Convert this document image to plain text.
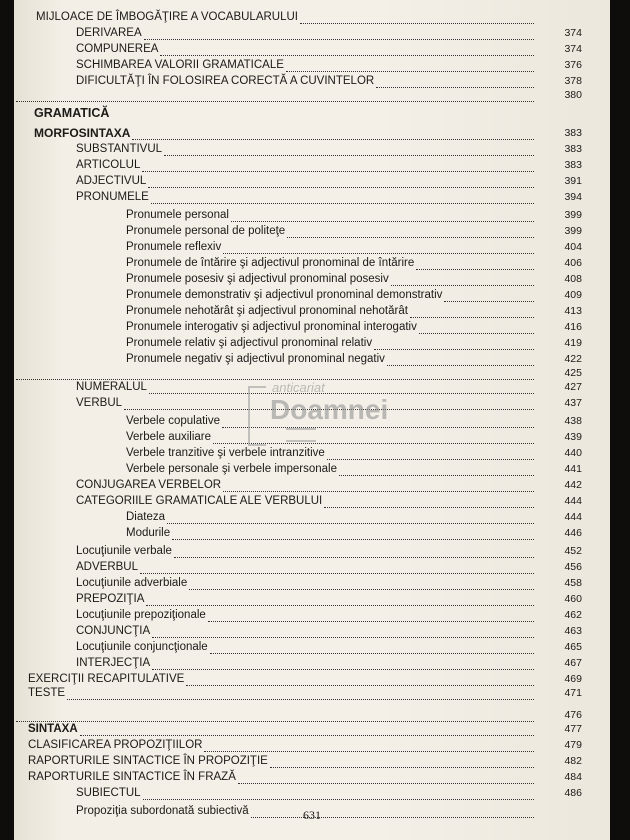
MIJLOACE DE ÎMBOGĂŢIRE A VOCABULARULUI
DERIVAREA	374
COMPUNEREA	374
SCHIMBAREA VALORII GRAMATICALE	376
DIFICULTĂŢI ÎN FOLOSIREA CORECTĂ A CUVINTELOR	378
380
GRAMATICĂ
MORFOSINTAXA	383
SUBSTANTIVUL	383
ARTICOLUL	383
ADJECTIVUL	391
PRONUMELE	394
Pronumele personal	399
Pronumele personal de politeţe	399
Pronumele reflexiv	404
Pronumele de întărire şi adjectivul pronominal de întărire	406
Pronumele posesiv şi adjectivul pronominal posesiv	408
Pronumele demonstrativ şi adjectivul pronominal demonstrativ	409
Pronumele nehotărât şi adjectivul pronominal nehotărât	413
Pronumele interogativ şi adjectivul pronominal interogativ	416
Pronumele relativ şi adjectivul pronominal relativ	419
Pronumele negativ şi adjectivul pronominal negativ	422
425
NUMERALUL	427
VERBUL	437
Verbele copulative	438
Verbele auxiliare	439
Verbele tranzitive şi verbele intranzitive	440
Verbele personale şi verbele impersonale	441
CONJUGAREA VERBELOR	442
CATEGORIILE GRAMATICALE ALE VERBULUI	444
Diateza	444
Modurile	446
Locuţiunile verbale	452
ADVERBUL	456
Locuţiunile adverbiale	458
PREPOZIŢIA	460
Locuţiunile prepoziţionale	462
CONJUNCŢIA	463
Locuţiunile conjuncţionale	465
INTERJECŢIA	467
EXERCIŢII RECAPITULATIVE	469
TESTE	471
476
SINTAXA	477
CLASIFICAREA PROPOZIŢIILOR	479
RAPORTURILE SINTACTICE ÎN PROPOZIŢIE	482
RAPORTURILE SINTACTICE ÎN FRAZĂ	484
SUBIECTUL	486
Propoziţia subordonată subiectivă
anticariat
Doamnei
631
